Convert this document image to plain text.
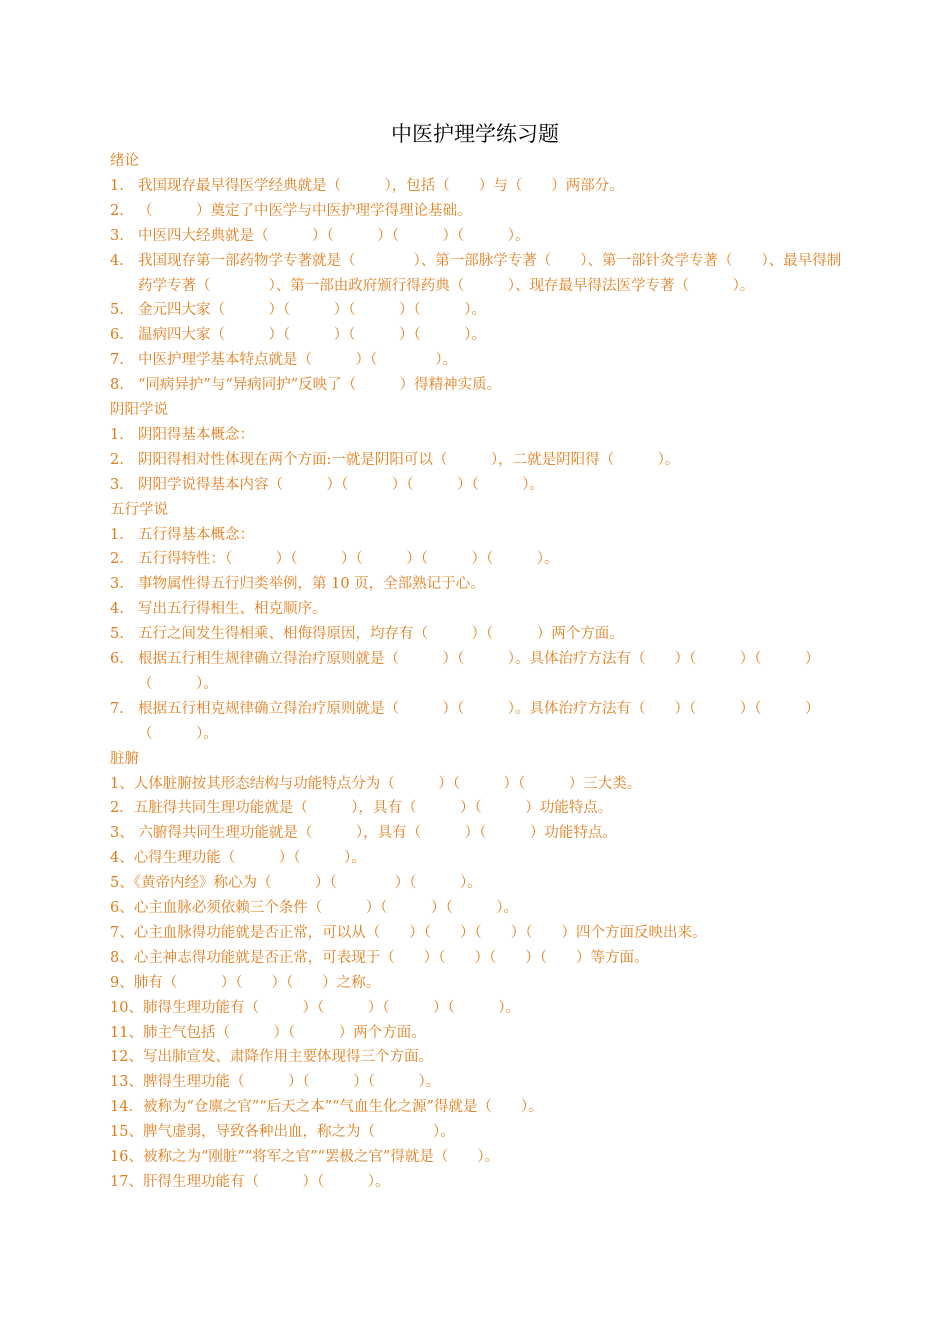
中医护理学练习题
绪论
1. 我国现存最早得医学经典就是（　　　），包括（　　）与（　　）两部分。
2. （　　　）奠定了中医学与中医护理学得理论基础。
3. 中医四大经典就是（　　　）（　　　）（　　　）（　　　）。
4. 我国现存第一部药物学专著就是（　　　　）、第一部脉学专著（　　）、第一部针灸学专著（　　）、最早得制药学专著（　　　　）、第一部由政府颁行得药典（　　　）、现存最早得法医学专著（　　　）。
5. 金元四大家（　　　）（　　　）（　　　）（　　　）。
6. 温病四大家（　　　）（　　　）（　　　）（　　　）。
7. 中医护理学基本特点就是（　　　）（　　　　）。
8. “同病异护”与“异病同护”反映了（　　　）得精神实质。
阴阳学说
1. 阴阳得基本概念：
2. 阴阳得相对性体现在两个方面:一就是阴阳可以（　　　），二就是阴阳得（　　　）。
3. 阴阳学说得基本内容（　　　）（　　　）（　　　）（　　　）。
五行学说
1. 五行得基本概念：
2. 五行得特性：（　　　）（　　　）（　　　）（　　　）（　　　）。
3. 事物属性得五行归类举例，第 10 页，全部熟记于心。
4. 写出五行得相生、相克顺序。
5. 五行之间发生得相乘、相侮得原因，均存有（　　　）（　　　）两个方面。
6. 根据五行相生规律确立得治疗原则就是（　　　）（　　　）。具体治疗方法有（　　）（　　　）（　　　）（　　　）。
7. 根据五行相克规律确立得治疗原则就是（　　　）（　　　）。具体治疗方法有（　　）（　　　）（　　　）（　　　）。
脏腑
1、人体脏腑按其形态结构与功能特点分为（　　　）（　　　）（　　　）三大类。
2．五脏得共同生理功能就是（　　　），具有（　　　）（　　　）功能特点。
3、 六腑得共同生理功能就是（　　　），具有（　　　）（　　　）功能特点。
4、心得生理功能（　　　）（　　　）。
5、《黄帝内经》称心为（　　　）（　　　　）（　　　）。
6、心主血脉必须依赖三个条件（　　　）（　　　）（　　　）。
7、心主血脉得功能就是否正常，可以从（　　）（　　）（　　）（　　）四个方面反映出来。
8、心主神志得功能就是否正常，可表现于（　　）（　　）（　　）（　　）等方面。
9、肺有（　　　）（　　）（　　）之称。
10、肺得生理功能有（　　　）（　　　）（　　　）（　　　）。
11、肺主气包括（　　　）（　　　）两个方面。
12、写出肺宣发、肃降作用主要体现得三个方面。
13、脾得生理功能（　　　）（　　　）（　　　）。
14．被称为“仓廪之官”“后天之本”“气血生化之源”得就是（　　）。
15、脾气虚弱，导致各种出血，称之为（　　　　）。
16、被称之为“刚脏”“将军之官”“罢极之官”得就是（　　）。
17、肝得生理功能有（　　　）（　　　）。
